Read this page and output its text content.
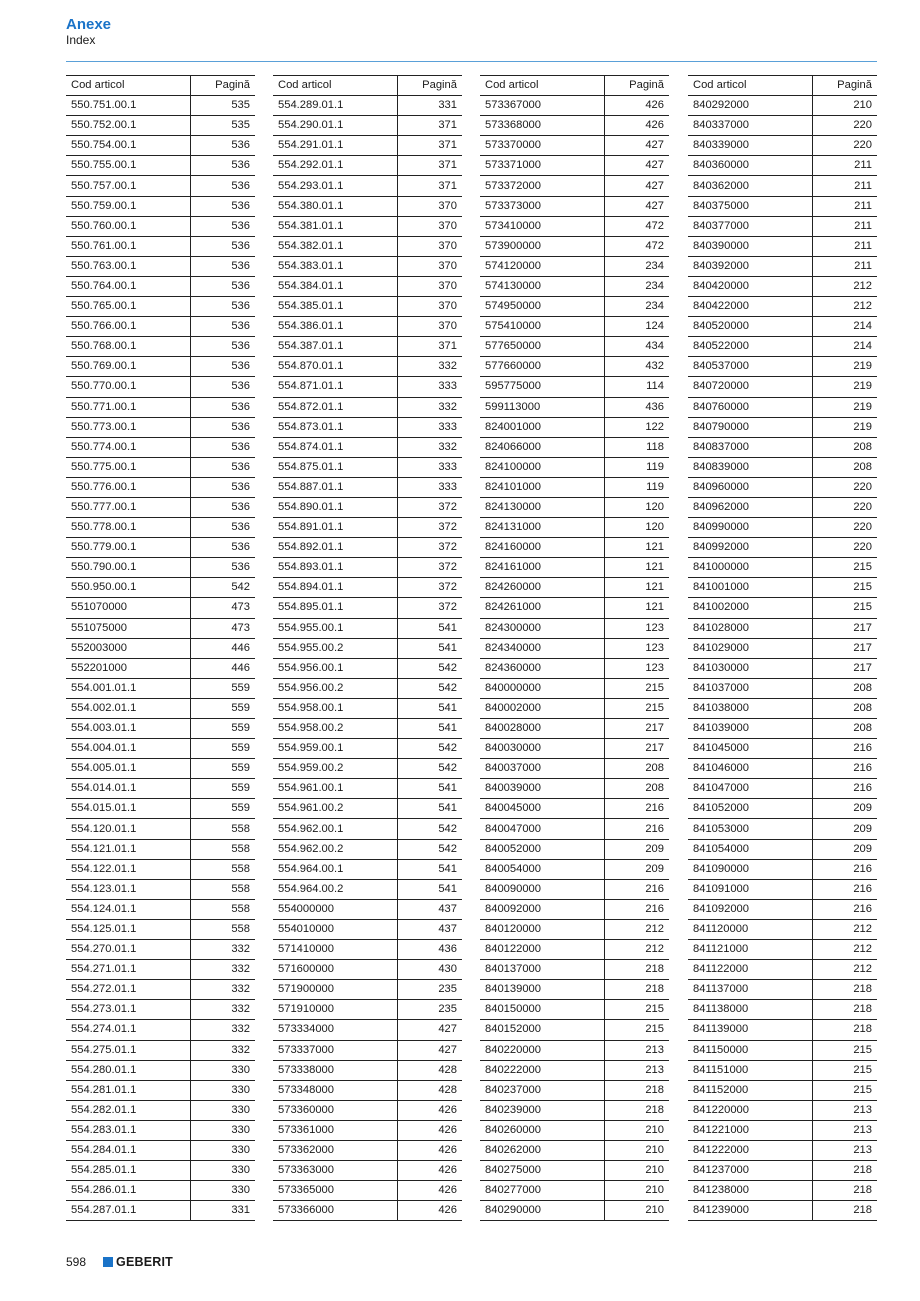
Anexe
Index
Cod articol	Pagină
550.751.00.1	535
550.752.00.1	535
550.754.00.1	536
550.755.00.1	536
550.757.00.1	536
550.759.00.1	536
550.760.00.1	536
550.761.00.1	536
550.763.00.1	536
550.764.00.1	536
550.765.00.1	536
550.766.00.1	536
550.768.00.1	536
550.769.00.1	536
550.770.00.1	536
550.771.00.1	536
550.773.00.1	536
550.774.00.1	536
550.775.00.1	536
550.776.00.1	536
550.777.00.1	536
550.778.00.1	536
550.779.00.1	536
550.790.00.1	536
550.950.00.1	542
551070000	473
551075000	473
552003000	446
552201000	446
554.001.01.1	559
554.002.01.1	559
554.003.01.1	559
554.004.01.1	559
554.005.01.1	559
554.014.01.1	559
554.015.01.1	559
554.120.01.1	558
554.121.01.1	558
554.122.01.1	558
554.123.01.1	558
554.124.01.1	558
554.125.01.1	558
554.270.01.1	332
554.271.01.1	332
554.272.01.1	332
554.273.01.1	332
554.274.01.1	332
554.275.01.1	332
554.280.01.1	330
554.281.01.1	330
554.282.01.1	330
554.283.01.1	330
554.284.01.1	330
554.285.01.1	330
554.286.01.1	330
554.287.01.1	331
Cod articol	Pagină
554.289.01.1	331
554.290.01.1	371
554.291.01.1	371
554.292.01.1	371
554.293.01.1	371
554.380.01.1	370
554.381.01.1	370
554.382.01.1	370
554.383.01.1	370
554.384.01.1	370
554.385.01.1	370
554.386.01.1	370
554.387.01.1	371
554.870.01.1	332
554.871.01.1	333
554.872.01.1	332
554.873.01.1	333
554.874.01.1	332
554.875.01.1	333
554.887.01.1	333
554.890.01.1	372
554.891.01.1	372
554.892.01.1	372
554.893.01.1	372
554.894.01.1	372
554.895.01.1	372
554.955.00.1	541
554.955.00.2	541
554.956.00.1	542
554.956.00.2	542
554.958.00.1	541
554.958.00.2	541
554.959.00.1	542
554.959.00.2	542
554.961.00.1	541
554.961.00.2	541
554.962.00.1	542
554.962.00.2	542
554.964.00.1	541
554.964.00.2	541
554000000	437
554010000	437
571410000	436
571600000	430
571900000	235
571910000	235
573334000	427
573337000	427
573338000	428
573348000	428
573360000	426
573361000	426
573362000	426
573363000	426
573365000	426
573366000	426
Cod articol	Pagină
573367000	426
573368000	426
573370000	427
573371000	427
573372000	427
573373000	427
573410000	472
573900000	472
574120000	234
574130000	234
574950000	234
575410000	124
577650000	434
577660000	432
595775000	114
599113000	436
824001000	122
824066000	118
824100000	119
824101000	119
824130000	120
824131000	120
824160000	121
824161000	121
824260000	121
824261000	121
824300000	123
824340000	123
824360000	123
840000000	215
840002000	215
840028000	217
840030000	217
840037000	208
840039000	208
840045000	216
840047000	216
840052000	209
840054000	209
840090000	216
840092000	216
840120000	212
840122000	212
840137000	218
840139000	218
840150000	215
840152000	215
840220000	213
840222000	213
840237000	218
840239000	218
840260000	210
840262000	210
840275000	210
840277000	210
840290000	210
Cod articol	Pagină
840292000	210
840337000	220
840339000	220
840360000	211
840362000	211
840375000	211
840377000	211
840390000	211
840392000	211
840420000	212
840422000	212
840520000	214
840522000	214
840537000	219
840720000	219
840760000	219
840790000	219
840837000	208
840839000	208
840960000	220
840962000	220
840990000	220
840992000	220
841000000	215
841001000	215
841002000	215
841028000	217
841029000	217
841030000	217
841037000	208
841038000	208
841039000	208
841045000	216
841046000	216
841047000	216
841052000	209
841053000	209
841054000	209
841090000	216
841091000	216
841092000	216
841120000	212
841121000	212
841122000	212
841137000	218
841138000	218
841139000	218
841150000	215
841151000	215
841152000	215
841220000	213
841221000	213
841222000	213
841237000	218
841238000	218
841239000	218
598 GEBERIT
